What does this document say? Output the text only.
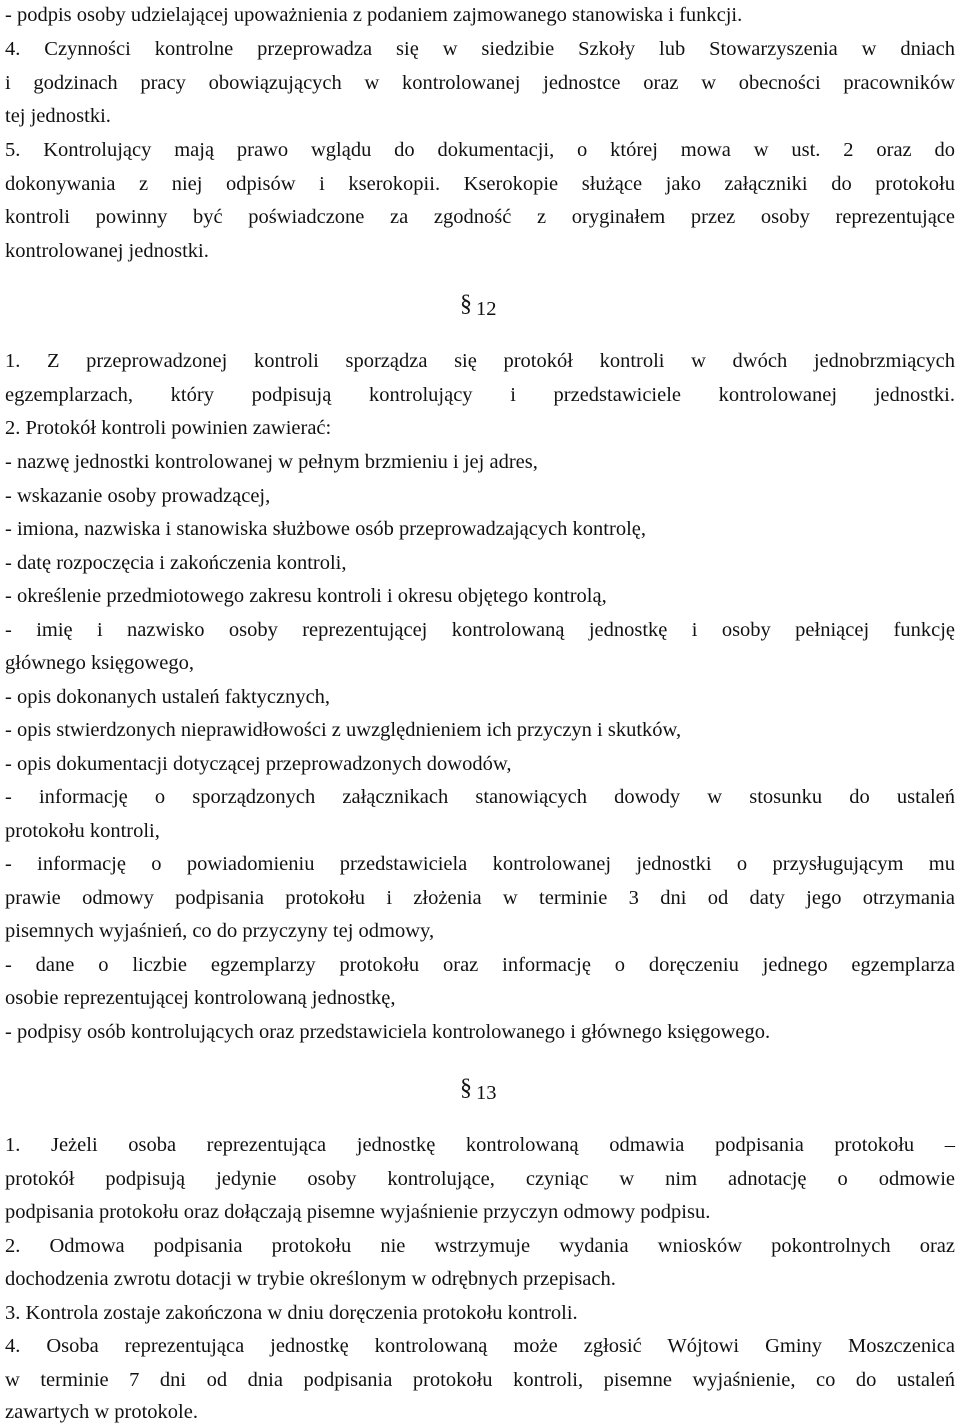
- podpis osoby udzielającej upoważnienia z podaniem zajmowanego stanowiska i funkcji.
4. Czynności kontrolne przeprowadza się w siedzibie Szkoły lub Stowarzyszenia w dniach
i godzinach pracy obowiązujących w kontrolowanej jednostce oraz w obecności pracowników
tej jednostki.
5. Kontrolujący mają prawo wglądu do dokumentacji, o której mowa w ust. 2 oraz do
dokonywania z niej odpisów i kserokopii. Kserokopie służące jako załączniki do protokołu
kontroli powinny być poświadczone za zgodność z oryginałem przez osoby reprezentujące
kontrolowanej jednostki.
§ 12
1. Z przeprowadzonej kontroli sporządza się protokół kontroli w dwóch jednobrzmiących
egzemplarzach, który podpisują kontrolujący i przedstawiciele kontrolowanej jednostki.
2. Protokół kontroli powinien zawierać:
- nazwę jednostki kontrolowanej w pełnym brzmieniu i jej adres,
- wskazanie osoby prowadzącej,
- imiona, nazwiska i stanowiska służbowe osób przeprowadzających kontrolę,
- datę rozpoczęcia i zakończenia kontroli,
- określenie przedmiotowego zakresu kontroli i okresu objętego kontrolą,
- imię i nazwisko osoby reprezentującej kontrolowaną jednostkę i osoby pełniącej funkcję
głównego księgowego,
- opis dokonanych ustaleń faktycznych,
- opis stwierdzonych nieprawidłowości z uwzględnieniem ich przyczyn i skutków,
- opis dokumentacji dotyczącej przeprowadzonych dowodów,
- informację o sporządzonych załącznikach stanowiących dowody w stosunku do ustaleń
protokołu kontroli,
- informację o powiadomieniu przedstawiciela kontrolowanej jednostki o przysługującym mu
prawie odmowy podpisania protokołu i złożenia w terminie 3 dni od daty jego otrzymania
pisemnych wyjaśnień, co do przyczyny tej odmowy,
- dane o liczbie egzemplarzy protokołu oraz informację o doręczeniu jednego egzemplarza
osobie reprezentującej kontrolowaną jednostkę,
- podpisy osób kontrolujących oraz przedstawiciela kontrolowanego i głównego księgowego.
§ 13
1. Jeżeli osoba reprezentująca jednostkę kontrolowaną odmawia podpisania protokołu –
protokół podpisują jedynie osoby kontrolujące, czyniąc w nim adnotację o odmowie
podpisania protokołu oraz dołączają pisemne wyjaśnienie przyczyn odmowy podpisu.
2. Odmowa podpisania protokołu nie wstrzymuje wydania wniosków pokontrolnych oraz
dochodzenia zwrotu dotacji w trybie określonym w odrębnych przepisach.
3. Kontrola zostaje zakończona w dniu doręczenia protokołu kontroli.
4. Osoba reprezentująca jednostkę kontrolowaną może zgłosić Wójtowi Gminy Moszczenica
w terminie 7 dni od dnia podpisania protokołu kontroli, pisemne wyjaśnienie, co do ustaleń
zawartych w protokole.
